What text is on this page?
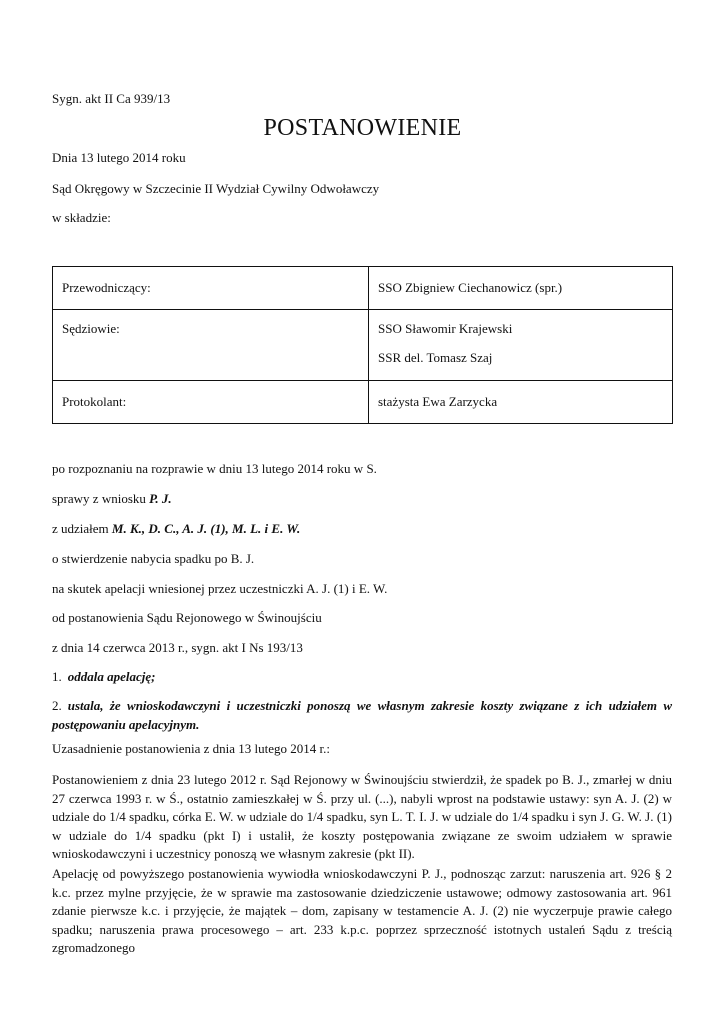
Sygn. akt II Ca 939/13
POSTANOWIENIE
Dnia 13 lutego 2014 roku
Sąd Okręgowy w Szczecinie II Wydział Cywilny Odwoławczy
w składzie:
Przewodniczący:	SSO Zbigniew Ciechanowicz (spr.)
Sędziowie:	SSO Sławomir Krajewski
SSR del. Tomasz Szaj

Protokolant:	stażysta Ewa Zarzycka
po rozpoznaniu na rozprawie w dniu 13 lutego 2014 roku w S.
sprawy z wniosku P. J.
z udziałem M. K., D. C., A. J. (1), M. L. i E. W.
o stwierdzenie nabycia spadku po B. J.
na skutek apelacji wniesionej przez uczestniczki A. J. (1) i E. W.
od postanowienia Sądu Rejonowego w Świnoujściu
z dnia 14 czerwca 2013 r., sygn. akt I Ns 193/13
1. oddala apelację;
2. ustala, że wnioskodawczyni i uczestniczki ponoszą we własnym zakresie koszty związane z ich udziałem w postępowaniu apelacyjnym.
Uzasadnienie postanowienia z dnia 13 lutego 2014 r.:
Postanowieniem z dnia 23 lutego 2012 r. Sąd Rejonowy w Świnoujściu stwierdził, że spadek po B. J., zmarłej w dniu 27 czerwca 1993 r. w Ś., ostatnio zamieszkałej w Ś. przy ul. (...), nabyli wprost na podstawie ustawy: syn A. J. (2) w udziale do 1/4 spadku, córka E. W. w udziale do 1/4 spadku, syn L. T. I. J. w udziale do 1/4 spadku i syn J. G. W. J. (1) w udziale do 1/4 spadku (pkt I) i ustalił, że koszty postępowania związane ze swoim udziałem w sprawie wnioskodawczyni i uczestnicy ponoszą we własnym zakresie (pkt II).
Apelację od powyższego postanowienia wywiodła wnioskodawczyni P. J., podnosząc zarzut: naruszenia art. 926 § 2 k.c. przez mylne przyjęcie, że w sprawie ma zastosowanie dziedziczenie ustawowe; odmowy zastosowania art. 961 zdanie pierwsze k.c. i przyjęcie, że majątek – dom, zapisany w testamencie A. J. (2) nie wyczerpuje prawie całego spadku; naruszenia prawa procesowego – art. 233 k.p.c. poprzez sprzeczność istotnych ustaleń Sądu z treścią zgromadzonego
